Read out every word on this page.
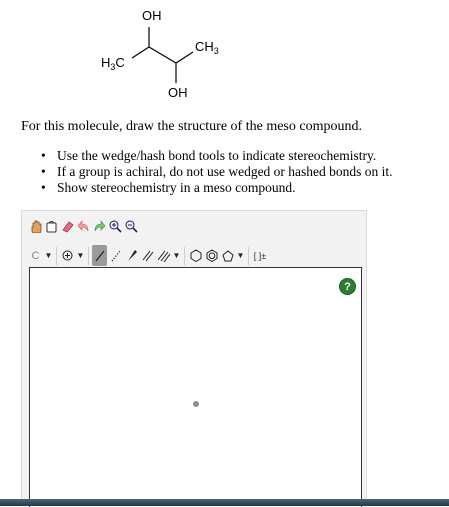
OH
OH
$CH_3$
$H_3C$

For this molecule, draw the structure of the meso compound.

• Use the wedge/hash bond tools to indicate stereochemistry.
• If a group is achiral, do not use wedged or hashed bonds on it.
• Show stereochemistry in a meso compound.
C ▼	▼	▼	▼ [ ]±
?
